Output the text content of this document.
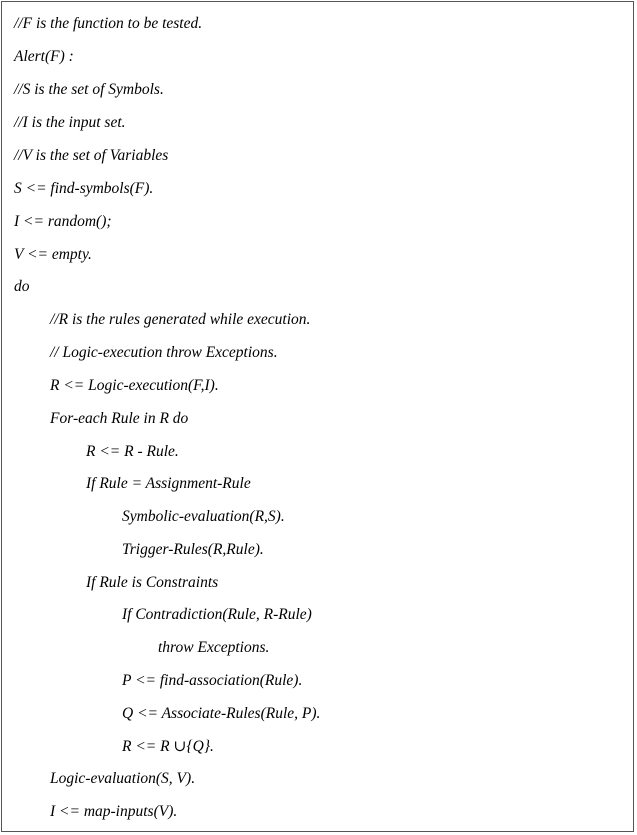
//F is the function to be tested.
Alert(F) :
//S is the set of Symbols.
//I is the input set.
//V is the set of Variables
S <= find-symbols(F).
I <= random();
V <= empty.
do
//R is the rules generated while execution.
// Logic-execution throw Exceptions.
R <= Logic-execution(F,I).
For-each Rule in R do
R <= R - Rule.
If Rule = Assignment-Rule
Symbolic-evaluation(R,S).
Trigger-Rules(R,Rule).
If Rule is Constraints
If Contradiction(Rule, R-Rule)
throw Exceptions.
P <= find-association(Rule).
Q <= Associate-Rules(Rule, P).
R <= R ∪{Q}.
Logic-evaluation(S, V).
I <= map-inputs(V).
